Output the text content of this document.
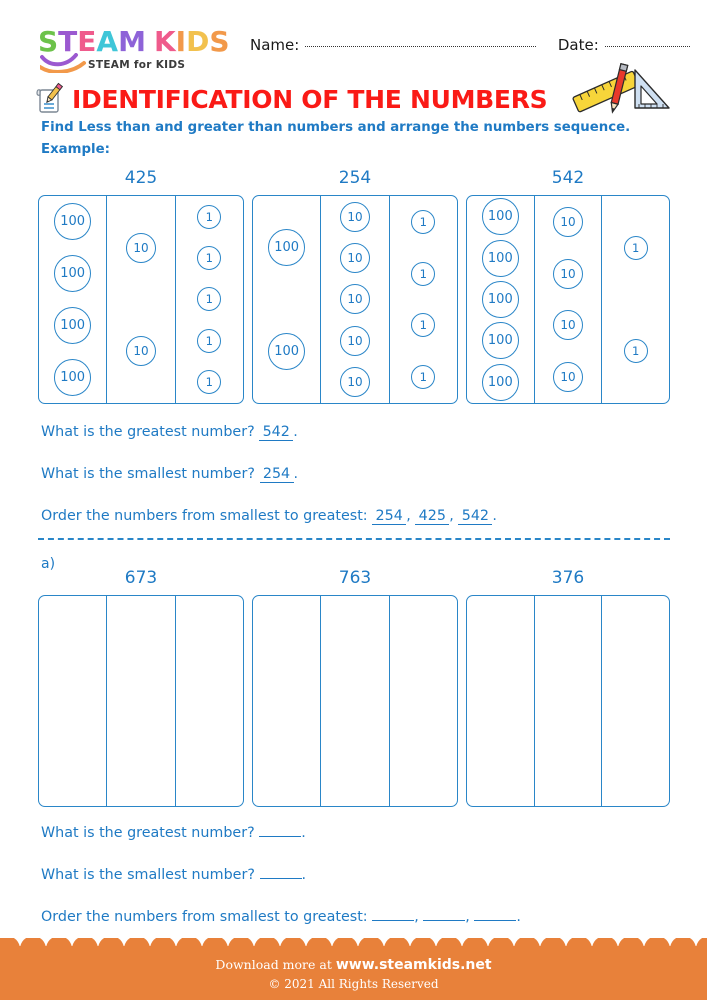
STEAM KIDS
STEAM for KIDS
Name:	Date:
IDENTIFICATION OF THE NUMBERS
Find Less than and greater than numbers and arrange the numbers sequence.
Example:
425
100
100
100
100
10
10
1
1
1
1
1
254
100
100
10
10
10
10
10
1
1
1
1
542
100
100
100
100
100
10
10
10
10
1
1
What is the greatest number? 542 .
What is the smallest number? 254 .
Order the numbers from smallest to greatest: 254 , 425 , 542 .
a)
673	763	376
What is the greatest number?	.
What is the smallest number?	.
Order the numbers from smallest to greatest:	,	,	.
Download more at www.steamkids.net
© 2021 All Rights Reserved
